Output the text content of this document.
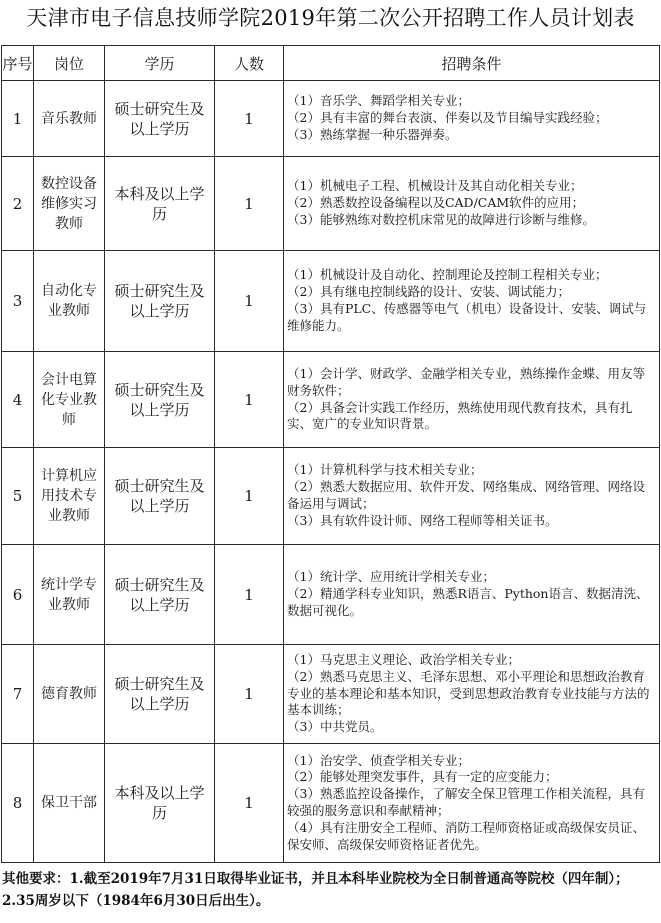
天津市电子信息技师学院2019年第二次公开招聘工作人员计划表
序号	岗位	学历	人数	招聘条件
1	音乐教师	硕士研究生及以上学历	1	（1）音乐学、舞蹈学相关专业；
（2）具有丰富的舞台表演、伴奏以及节目编导实践经验；
（3）熟练掌握一种乐器弹奏。

2	数控设备维修实习教师	本科及以上学历	1	（1）机械电子工程、机械设计及其自动化相关专业；
（2）熟悉数控设备编程以及CAD/CAM软件的应用；
（3）能够熟练对数控机床常见的故障进行诊断与维修。

3	自动化专业教师	硕士研究生及以上学历	1	（1）机械设计及自动化、控制理论及控制工程相关专业；
（2）具有继电控制线路的设计、安装、调试能力；
（3）具有PLC、传感器等电气（机电）设备设计、安装、调试与维修能力。

4	会计电算化专业教师	硕士研究生及以上学历	1	（1）会计学、财政学、金融学相关专业，熟练操作金蝶、用友等财务软件；
（2）具备会计实践工作经历，熟练使用现代教育技术，具有扎实、宽广的专业知识背景。

5	计算机应用技术专业教师	硕士研究生及以上学历	1	（1）计算机科学与技术相关专业；
（2）熟悉大数据应用、软件开发、网络集成、网络管理、网络设备运用与调试；
（3）具有软件设计师、网络工程师等相关证书。

6	统计学专业教师	硕士研究生及以上学历	1	（1）统计学、应用统计学相关专业；
（2）精通学科专业知识，熟悉R语言、Python语言、数据清洗、数据可视化。

7	德育教师	硕士研究生及以上学历	1	（1）马克思主义理论、政治学相关专业；
（2）熟悉马克思主义、毛泽东思想、邓小平理论和思想政治教育专业的基本理论和基本知识，受到思想政治教育专业技能与方法的基本训练；
（3）中共党员。

8	保卫干部	本科及以上学历	1	（1）治安学、侦查学相关专业；
（2）能够处理突发事件，具有一定的应变能力；
（3）熟悉监控设备操作，了解安全保卫管理工作相关流程，具有较强的服务意识和奉献精神；
（4）具有注册安全工程师、消防工程师资格证或高级保安员证、保安师、高级保安师资格证者优先。
其他要求：1.截至2019年7月31日取得毕业证书，并且本科毕业院校为全日制普通高等院校（四年制）； 2.35周岁以下（1984年6月30日后出生）。
